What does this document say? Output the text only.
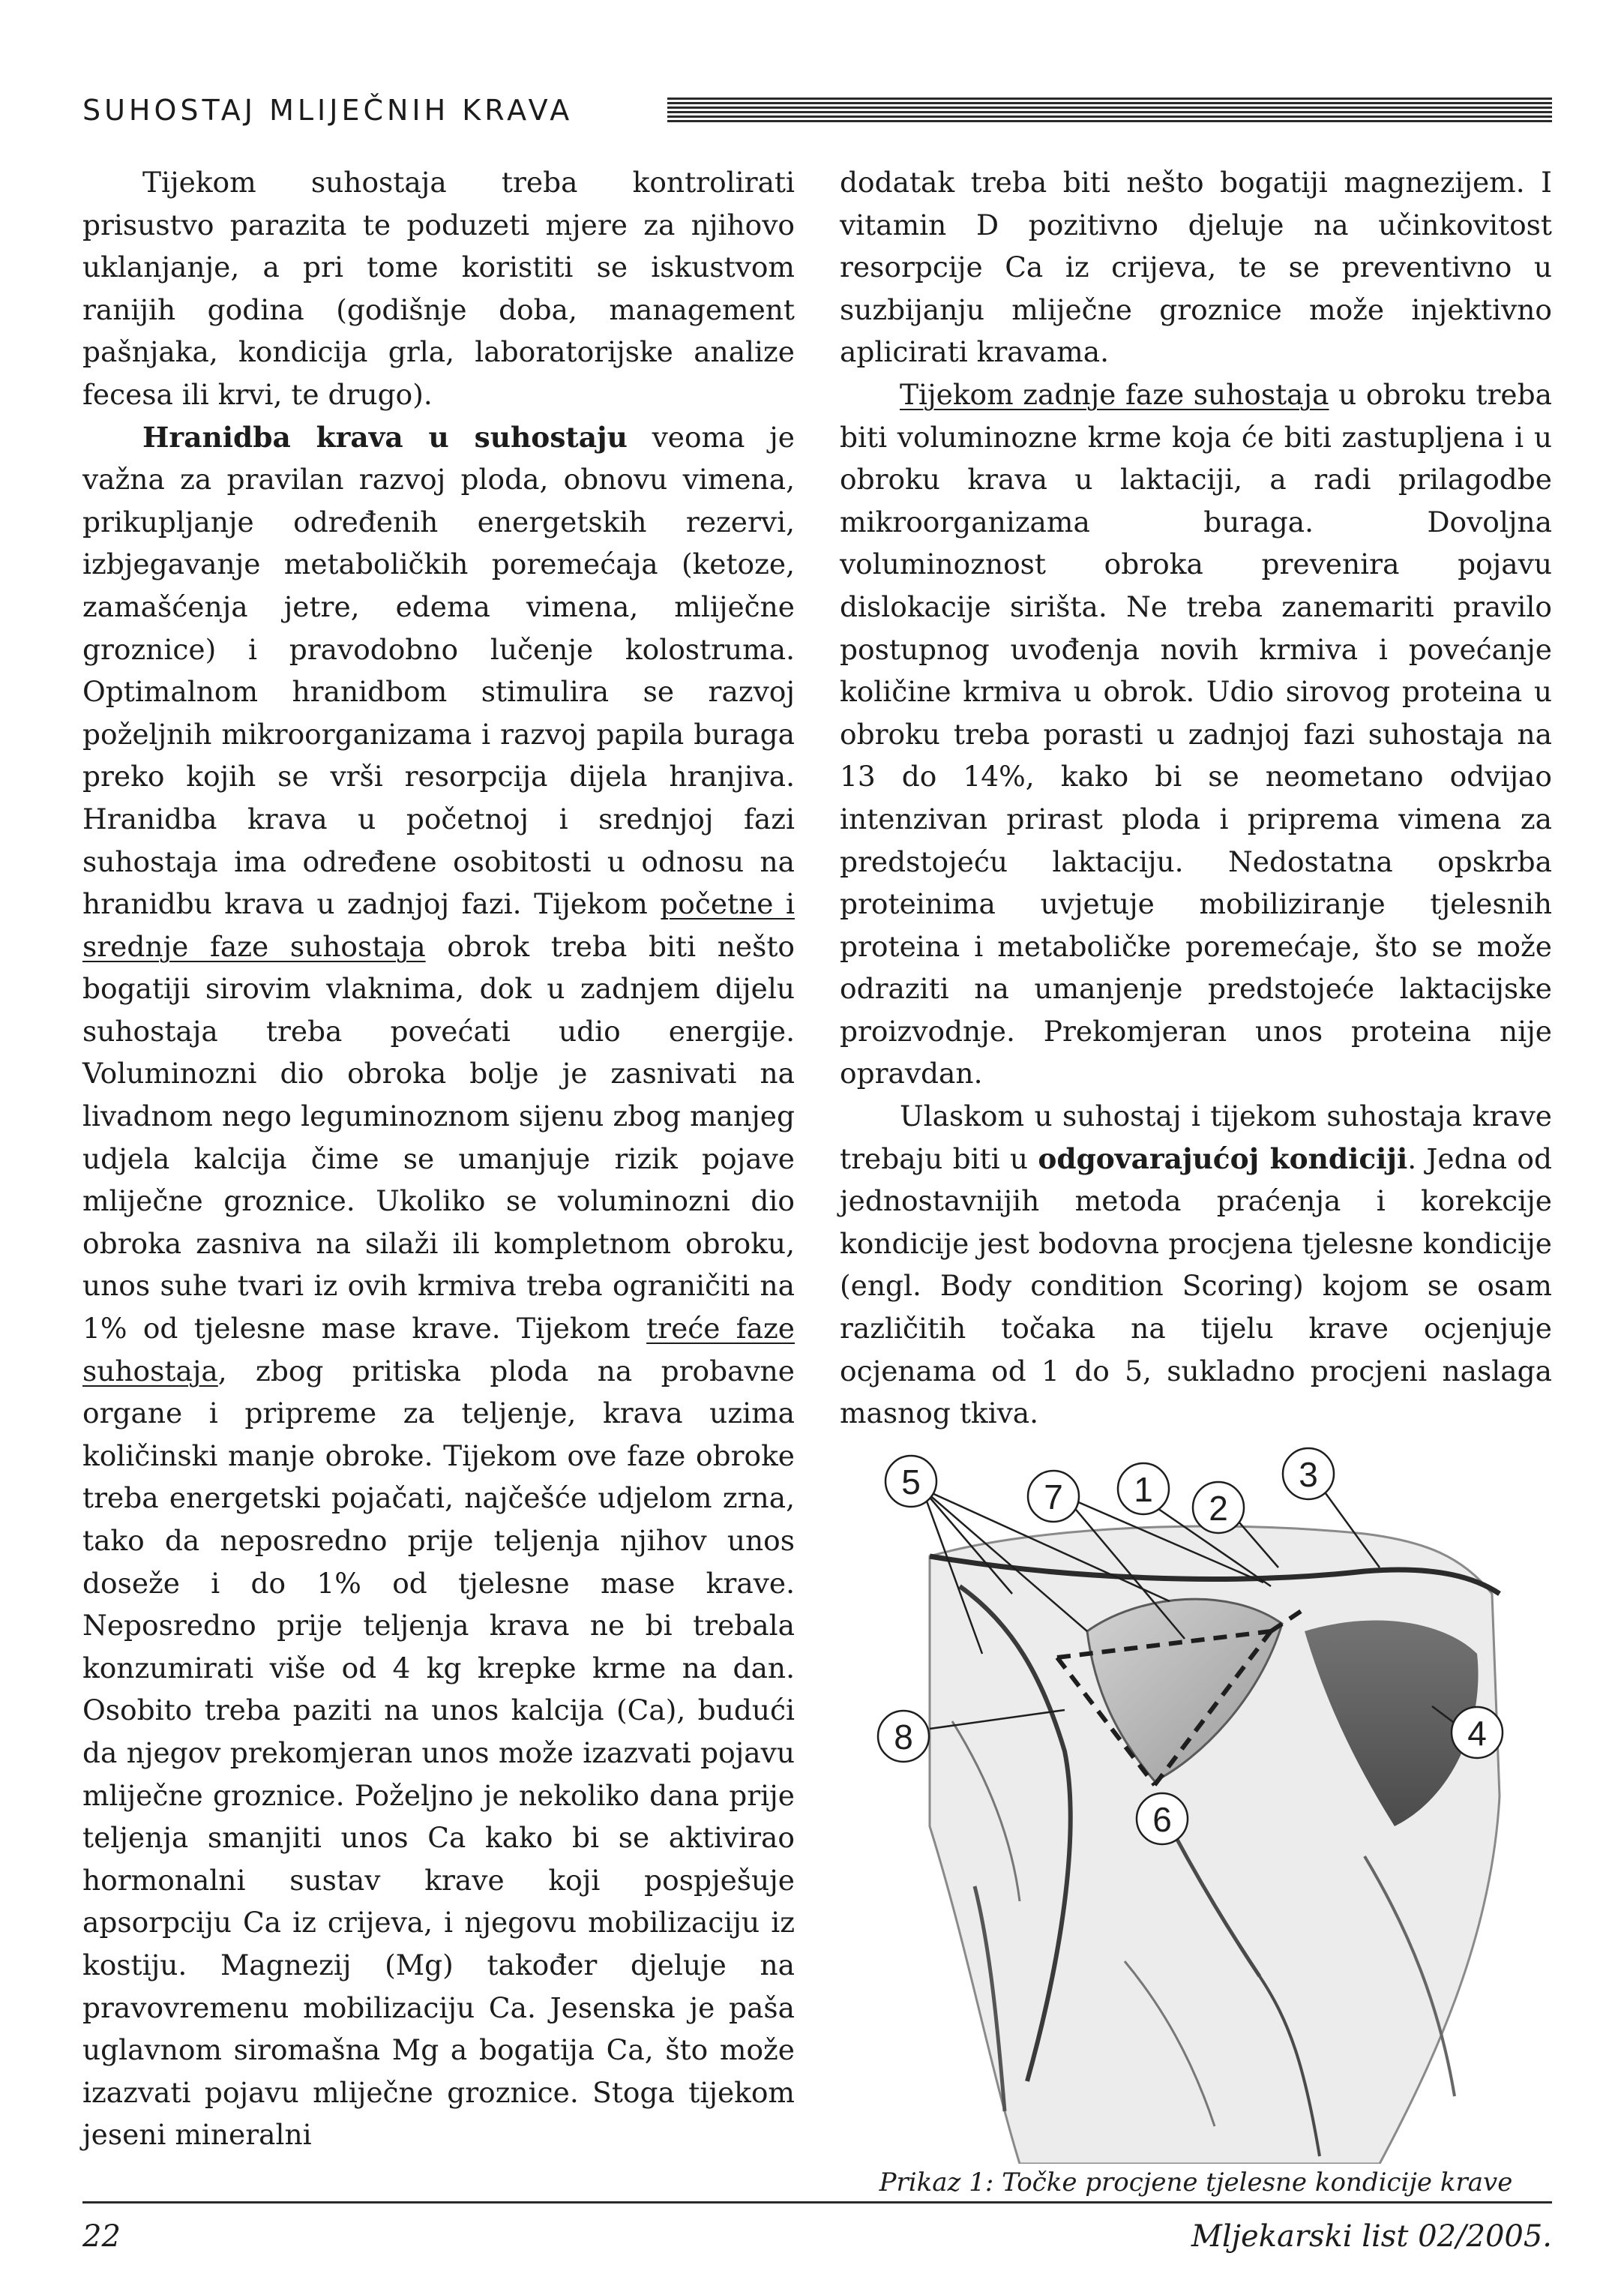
SUHOSTAJ MLIJEČNIH KRAVA

Tijekom suhostaja treba kontrolirati prisustvo parazita te poduzeti mjere za njihovo uklanjanje, a pri tome koristiti se iskustvom ranijih godina (godišnje doba, management pašnjaka, kondicija grla, laboratorijske analize fecesa ili krvi, te drugo).

Hranidba krava u suhostaju veoma je važna za pravilan razvoj ploda, obnovu vimena, prikupljanje određenih energetskih rezervi, izbjegavanje metaboličkih poremećaja (ketoze, zamašćenja jetre, edema vimena, mliječne groznice) i pravodobno lučenje kolostruma. Optimalnom hranidbom stimulira se razvoj poželjnih mikroorganizama i razvoj papila buraga preko kojih se vrši resorpcija dijela hranjiva. Hranidba krava u početnoj i srednjoj fazi suhostaja ima određene osobitosti u odnosu na hranidbu krava u zadnjoj fazi. Tijekom početne i srednje faze suhostaja obrok treba biti nešto bogatiji sirovim vlaknima, dok u zadnjem dijelu suhostaja treba povećati udio energije. Voluminozni dio obroka bolje je zasnivati na livadnom nego leguminoznom sijenu zbog manjeg udjela kalcija čime se umanjuje rizik pojave mliječne groznice. Ukoliko se voluminozni dio obroka zasniva na silaži ili kompletnom obroku, unos suhe tvari iz ovih krmiva treba ograničiti na 1% od tjelesne mase krave. Tijekom treće faze suhostaja, zbog pritiska ploda na probavne organe i pripreme za teljenje, krava uzima količinski manje obroke. Tijekom ove faze obroke treba energetski pojačati, najčešće udjelom zrna, tako da neposredno prije teljenja njihov unos doseže i do 1% od tjelesne mase krave. Neposredno prije teljenja krava ne bi trebala konzumirati više od 4 kg krepke krme na dan. Osobito treba paziti na unos kalcija (Ca), budući da njegov prekomjeran unos može izazvati pojavu mliječne groznice. Poželjno je nekoliko dana prije teljenja smanjiti unos Ca kako bi se aktivirao hormonalni sustav krave koji pospješuje apsorpciju Ca iz crijeva, i njegovu mobilizaciju iz kostiju. Magnezij (Mg) također djeluje na pravovremenu mobilizaciju Ca. Jesenska je paša uglavnom siromašna Mg a bogatija Ca, što može izazvati pojavu mliječne groznice. Stoga tijekom jeseni mineralni

dodatak treba biti nešto bogatiji magnezijem. I vitamin D pozitivno djeluje na učinkovitost resorpcije Ca iz crijeva, te se preventivno u suzbijanju mliječne groznice može injektivno aplicirati kravama.

Tijekom zadnje faze suhostaja u obroku treba biti voluminozne krme koja će biti zastupljena i u obroku krava u laktaciji, a radi prilagodbe mikroorganizama buraga. Dovoljna voluminoznost obroka prevenira pojavu dislokacije sirišta. Ne treba zanemariti pravilo postupnog uvođenja novih krmiva i povećanje količine krmiva u obrok. Udio sirovog proteina u obroku treba porasti u zadnjoj fazi suhostaja na 13 do 14%, kako bi se neometano odvijao intenzivan prirast ploda i priprema vimena za predstojeću laktaciju. Nedostatna opskrba proteinima uvjetuje mobiliziranje tjelesnih proteina i metaboličke poremećaje, što se može odraziti na umanjenje predstojeće laktacijske proizvodnje. Prekomjeran unos proteina nije opravdan.

Ulaskom u suhostaj i tijekom suhostaja krave trebaju biti u odgovarajućoj kondiciji. Jedna od jednostavnijih metoda praćenja i korekcije kondicije jest bodovna procjena tjelesne kondicije (engl. Body condition Scoring) kojom se osam različitih točaka na tijelu krave ocjenjuje ocjenama od 1 do 5, sukladno procjeni naslaga masnog tkiva.

5	7 1 2
3
4
6
8
Prikaz 1: Točke procjene tjelesne kondicije krave
22	Mljekarski list 02/2005.
